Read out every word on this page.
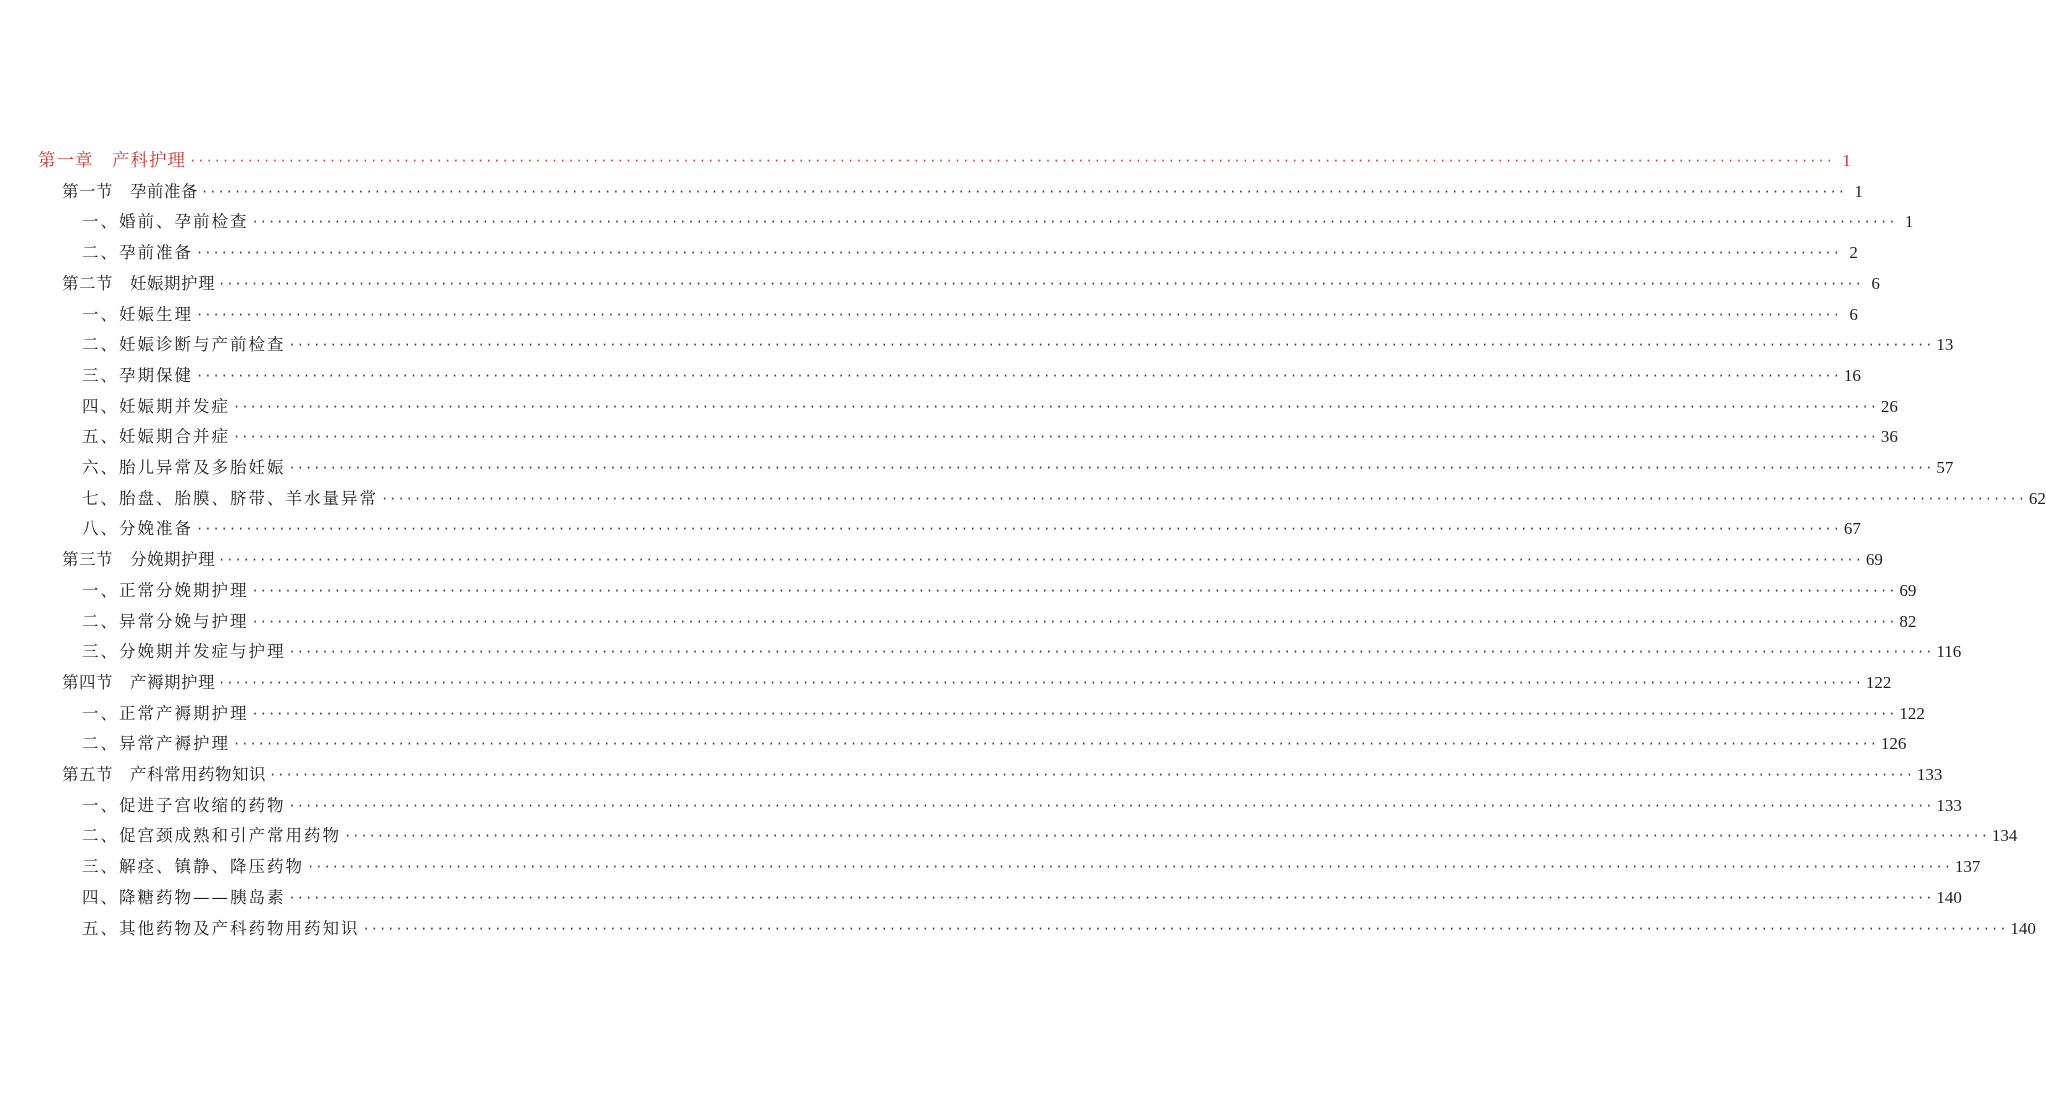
第一章　产科护理 ········································································································································································································ 1
第一节　孕前准备 ········································································································································································································ 1
一、婚前、孕前检查 ········································································································································································································ 1
二、孕前准备 ········································································································································································································ 2
第二节　妊娠期护理 ········································································································································································································ 6
一、妊娠生理 ········································································································································································································ 6
二、妊娠诊断与产前检查 ········································································································································································································ 13
三、孕期保健 ········································································································································································································ 16
四、妊娠期并发症 ········································································································································································································ 26
五、妊娠期合并症 ········································································································································································································ 36
六、胎儿异常及多胎妊娠 ········································································································································································································ 57
七、胎盘、胎膜、脐带、羊水量异常 ········································································································································································································ 62
八、分娩准备 ········································································································································································································ 67
第三节　分娩期护理 ········································································································································································································ 69
一、正常分娩期护理 ········································································································································································································ 69
二、异常分娩与护理 ········································································································································································································ 82
三、分娩期并发症与护理 ········································································································································································································ 116
第四节　产褥期护理 ········································································································································································································ 122
一、正常产褥期护理 ········································································································································································································ 122
二、异常产褥护理 ········································································································································································································ 126
第五节　产科常用药物知识 ········································································································································································································ 133
一、促进子宫收缩的药物 ········································································································································································································ 133
二、促宫颈成熟和引产常用药物 ········································································································································································································ 134
三、解痉、镇静、降压药物 ········································································································································································································ 137
四、降糖药物——胰岛素 ········································································································································································································ 140
五、其他药物及产科药物用药知识 ········································································································································································································ 140
